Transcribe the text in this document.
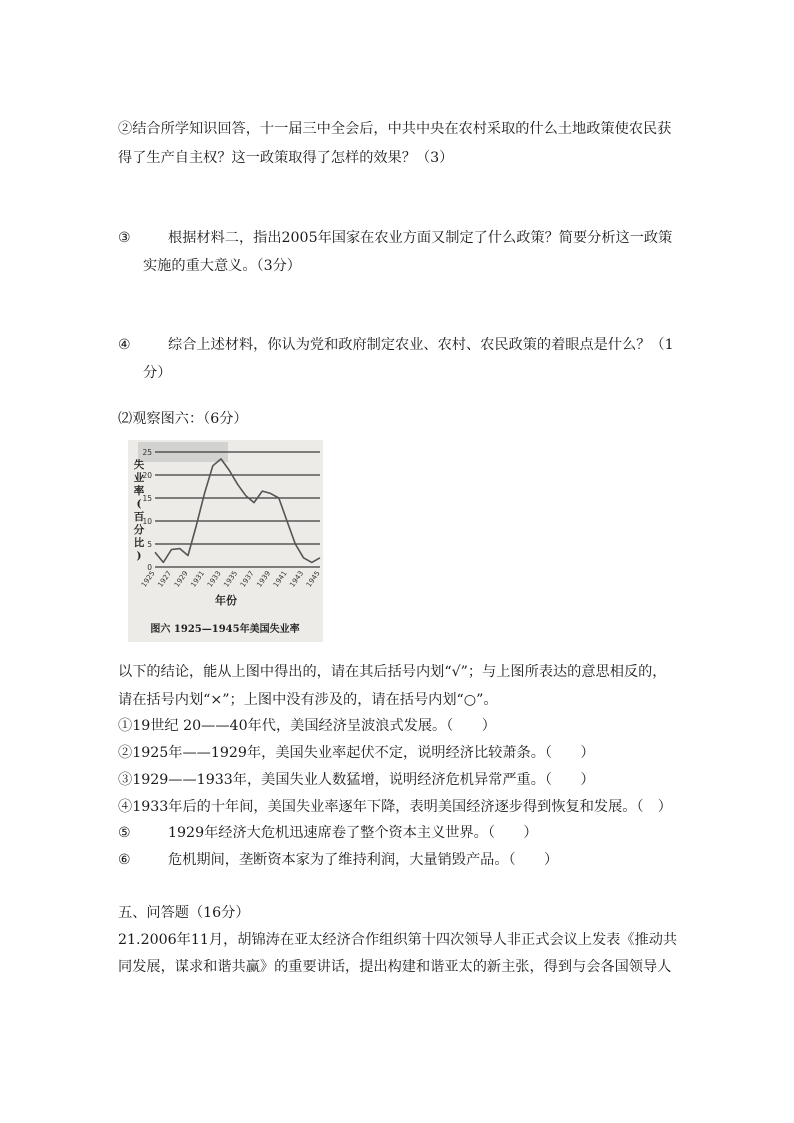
②结合所学知识回答，十一届三中全会后，中共中央在农村采取的什么土地政策使农民获
得了生产自主权？这一政策取得了怎样的效果？（3）
③	根据材料二，指出2005年国家在农业方面又制定了什么政策？简要分析这一政策
实施的重大意义。（3分）
④	综合上述材料，你认为党和政府制定农业、农村、农民政策的着眼点是什么？（1
分）
⑵观察图六：（6分）
0
5
10
15
20
25
1925 1927 1929 1931 1933 1935 1937 1939 1941 1943 1945
失业率(百分比)
年份
图六 1925—1945年美国失业率
以下的结论，能从上图中得出的，请在其后括号内划“√”；与上图所表达的意思相反的，
请在括号内划“×”；上图中没有涉及的，请在括号内划“○”。
①19世纪 20——40年代，美国经济呈波浪式发展。（　　）
②1925年——1929年，美国失业率起伏不定，说明经济比较萧条。（　　）
③1929——1933年，美国失业人数猛增，说明经济危机异常严重。（　　）
④1933年后的十年间，美国失业率逐年下降，表明美国经济逐步得到恢复和发展。（　）
⑤	1929年经济大危机迅速席卷了整个资本主义世界。（　　）
⑥	危机期间，垄断资本家为了维持利润，大量销毁产品。（　　）
五、问答题（16分）
21.2006年11月，胡锦涛在亚太经济合作组织第十四次领导人非正式会议上发表《推动共
同发展，谋求和谐共赢》的重要讲话，提出构建和谐亚太的新主张，得到与会各国领导人
